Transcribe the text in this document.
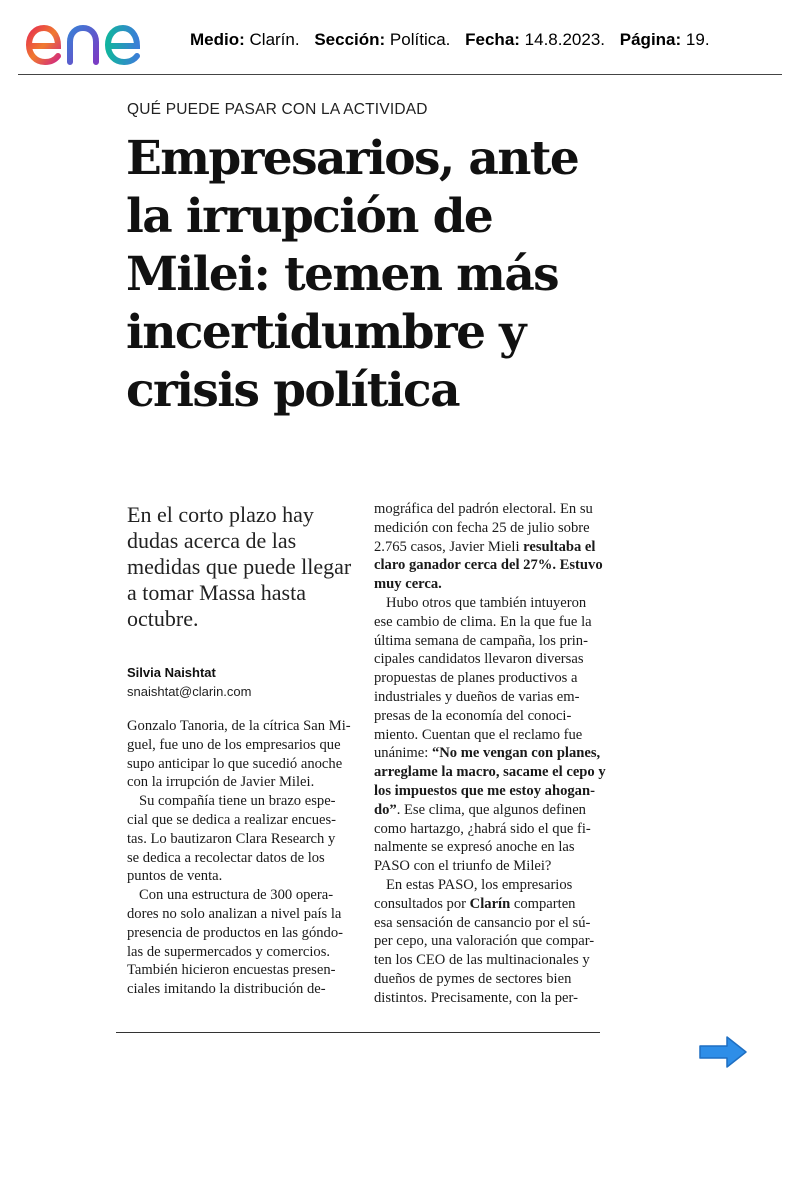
Medio: Clarín. Sección: Política. Fecha: 14.8.2023. Página: 19.
QUÉ PUEDE PASAR CON LA ACTIVIDAD
Empresarios, ante
la irrupción de
Milei: temen más
incertidumbre y
crisis política
En el corto plazo hay dudas acerca de las medidas que puede llegar a tomar Massa hasta octubre.
Silvia Naishtat
snaishtat@clarin.com

Gonzalo Tanoria, de la cítrica San Mi-

guel, fue uno de los empresarios que

supo anticipar lo que sucedió anoche

con la irrupción de Javier Milei.

Su compañía tiene un brazo espe-

cial que se dedica a realizar encues-

tas. Lo bautizaron Clara Research y

se dedica a recolectar datos de los

puntos de venta.

Con una estructura de 300 opera-

dores no solo analizan a nivel país la

presencia de productos en las góndo-

las de supermercados y comercios.

También hicieron encuestas presen-

ciales imitando la distribución de-

mográfica del padrón electoral. En su

medición con fecha 25 de julio sobre

2.765 casos, Javier Mieli resultaba el

claro ganador cerca del 27%. Estuvo

muy cerca.

Hubo otros que también intuyeron

ese cambio de clima. En la que fue la

última semana de campaña, los prin-

cipales candidatos llevaron diversas

propuestas de planes productivos a

industriales y dueños de varias em-

presas de la economía del conoci-

miento. Cuentan que el reclamo fue

unánime: “No me vengan con planes,

arreglame la macro, sacame el cepo y

los impuestos que me estoy ahogan-

do”. Ese clima, que algunos definen

como hartazgo, ¿habrá sido el que fi-

nalmente se expresó anoche en las

PASO con el triunfo de Milei?

En estas PASO, los empresarios

consultados por Clarín comparten

esa sensación de cansancio por el sú-

per cepo, una valoración que compar-

ten los CEO de las multinacionales y

dueños de pymes de sectores bien

distintos. Precisamente, con la per-
